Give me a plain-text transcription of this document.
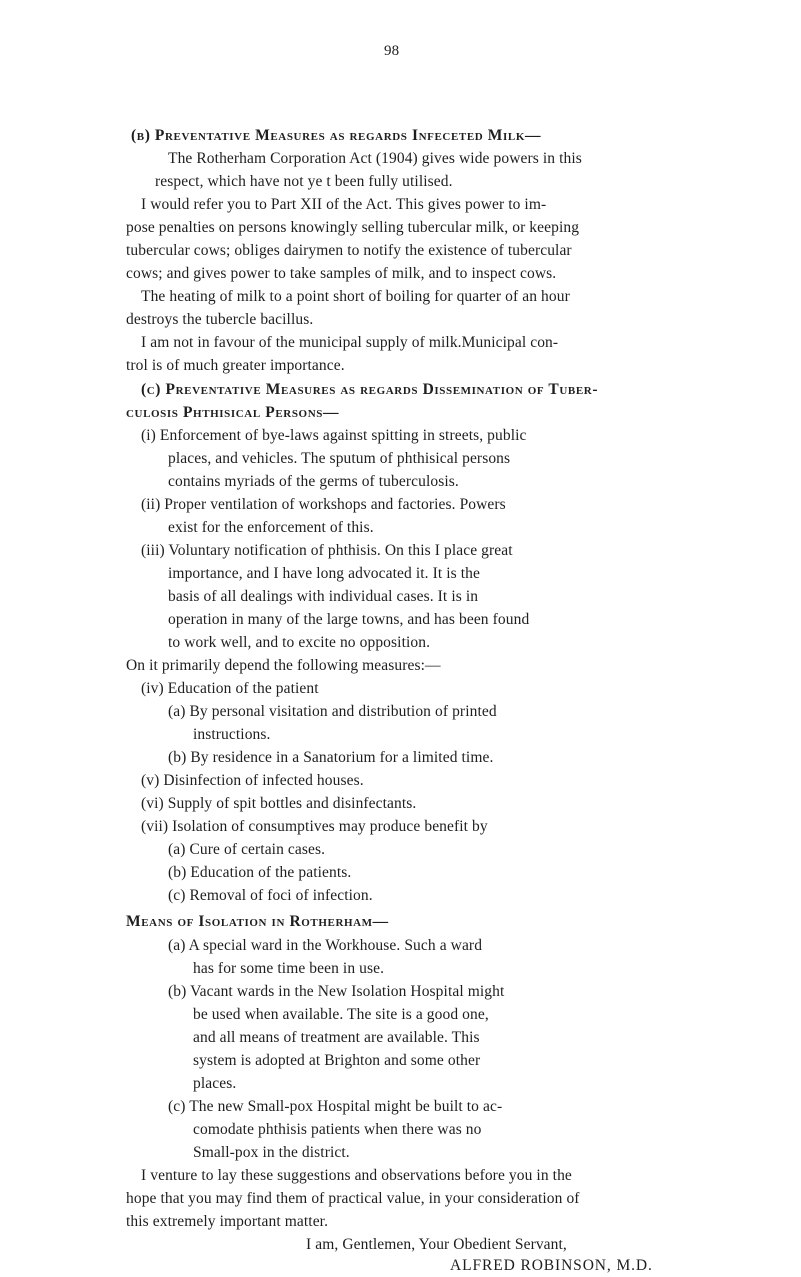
98
(b) Preventative Measures as regards Infeceted Milk—
The Rotherham Corporation Act (1904) gives wide powers in this
respect, which have not ye t been fully utilised.
I would refer you to Part XII of the Act. This gives power to im-
pose penalties on persons knowingly selling tubercular milk, or keeping
tubercular cows; obliges dairymen to notify the existence of tubercular
cows; and gives power to take samples of milk, and to inspect cows.
The heating of milk to a point short of boiling for quarter of an hour
destroys the tubercle bacillus.
I am not in favour of the municipal supply of milk.Municipal con-
trol is of much greater importance.
(c) Preventative Measures as regards Dissemination of Tuber-
culosis Phthisical Persons—
(i) Enforcement of bye-laws against spitting in streets, public
places, and vehicles. The sputum of phthisical persons
contains myriads of the germs of tuberculosis.
(ii) Proper ventilation of workshops and factories. Powers
exist for the enforcement of this.
(iii) Voluntary notification of phthisis. On this I place great
importance, and I have long advocated it. It is the
basis of all dealings with individual cases. It is in
operation in many of the large towns, and has been found
to work well, and to excite no opposition.
On it primarily depend the following measures:—
(iv) Education of the patient
(a) By personal visitation and distribution of printed
instructions.
(b) By residence in a Sanatorium for a limited time.
(v) Disinfection of infected houses.
(vi) Supply of spit bottles and disinfectants.
(vii) Isolation of consumptives may produce benefit by
(a) Cure of certain cases.
(b) Education of the patients.
(c) Removal of foci of infection.
Means of Isolation in Rotherham—
(a) A special ward in the Workhouse. Such a ward
has for some time been in use.
(b) Vacant wards in the New Isolation Hospital might
be used when available. The site is a good one,
and all means of treatment are available. This
system is adopted at Brighton and some other
places.
(c) The new Small-pox Hospital might be built to ac-
comodate phthisis patients when there was no
Small-pox in the district.
I venture to lay these suggestions and observations before you in the
hope that you may find them of practical value, in your consideration of
this extremely important matter.
I am, Gentlemen, Your Obedient Servant,
ALFRED ROBINSON, M.D.
